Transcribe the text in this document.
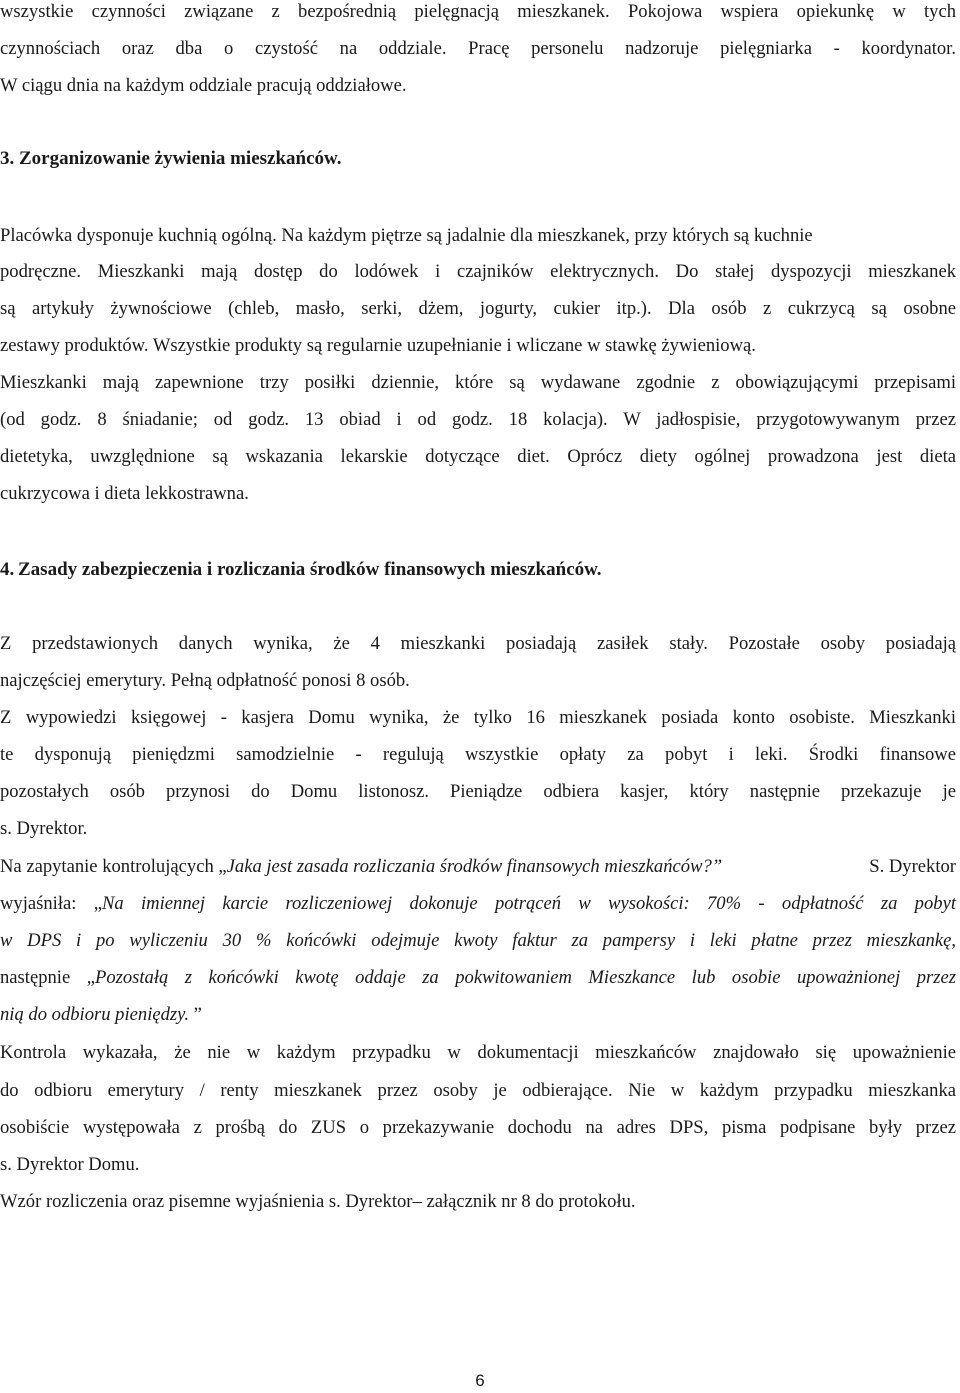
wszystkie czynności związane z bezpośrednią pielęgnacją mieszkanek. Pokojowa wspiera opiekunkę w tych
czynnościach oraz dba o czystość na oddziale. Pracę personelu nadzoruje pielęgniarka - koordynator.
W ciągu dnia na każdym oddziale pracują oddziałowe.
3. Zorganizowanie żywienia mieszkańców.
Placówka dysponuje kuchnią ogólną. Na każdym piętrze są jadalnie dla mieszkanek, przy których są kuchnie
podręczne. Mieszkanki mają dostęp do lodówek i czajników elektrycznych. Do stałej dyspozycji mieszkanek
są artykuły żywnościowe (chleb, masło, serki, dżem, jogurty, cukier itp.). Dla osób z cukrzycą są osobne
zestawy produktów. Wszystkie produkty są regularnie uzupełnianie i wliczane w stawkę żywieniową.
Mieszkanki mają zapewnione trzy posiłki dziennie, które są wydawane zgodnie z obowiązującymi przepisami
(od godz. 8 śniadanie; od godz. 13 obiad i od godz. 18 kolacja). W jadłospisie, przygotowywanym przez
dietetyka, uwzględnione są wskazania lekarskie dotyczące diet. Oprócz diety ogólnej prowadzona jest dieta
cukrzycowa i dieta lekkostrawna.
4. Zasady zabezpieczenia i rozliczania środków finansowych mieszkańców.
Z przedstawionych danych wynika, że 4 mieszkanki posiadają zasiłek stały. Pozostałe osoby posiadają
najczęściej emerytury. Pełną odpłatność ponosi 8 osób.
Z wypowiedzi księgowej - kasjera Domu wynika, że tylko 16 mieszkanek posiada konto osobiste. Mieszkanki
te dysponują pieniędzmi samodzielnie - regulują wszystkie opłaty za pobyt i leki. Środki finansowe
pozostałych osób przynosi do Domu listonosz. Pieniądze odbiera kasjer, który następnie przekazuje je
s. Dyrektor.
Na zapytanie kontrolujących „Jaka jest zasada rozliczania środków finansowych mieszkańców?”	S. Dyrektor
wyjaśniła: „Na imiennej karcie rozliczeniowej dokonuje potrąceń w wysokości: 70% - odpłatność za pobyt
w DPS i po wyliczeniu 30 % końcówki odejmuje kwoty faktur za pampersy i leki płatne przez mieszkankę,
następnie „Pozostałą z końcówki kwotę oddaje za pokwitowaniem Mieszkance lub osobie upoważnionej przez
nią do odbioru pieniędzy. ”
Kontrola wykazała, że nie w każdym przypadku w dokumentacji mieszkańców znajdowało się upoważnienie
do odbioru emerytury / renty mieszkanek przez osoby je odbierające. Nie w każdym przypadku mieszkanka
osobiście występowała z prośbą do ZUS o przekazywanie dochodu na adres DPS, pisma podpisane były przez
s. Dyrektor Domu.
Wzór rozliczenia oraz pisemne wyjaśnienia s. Dyrektor– załącznik nr 8 do protokołu.
6
